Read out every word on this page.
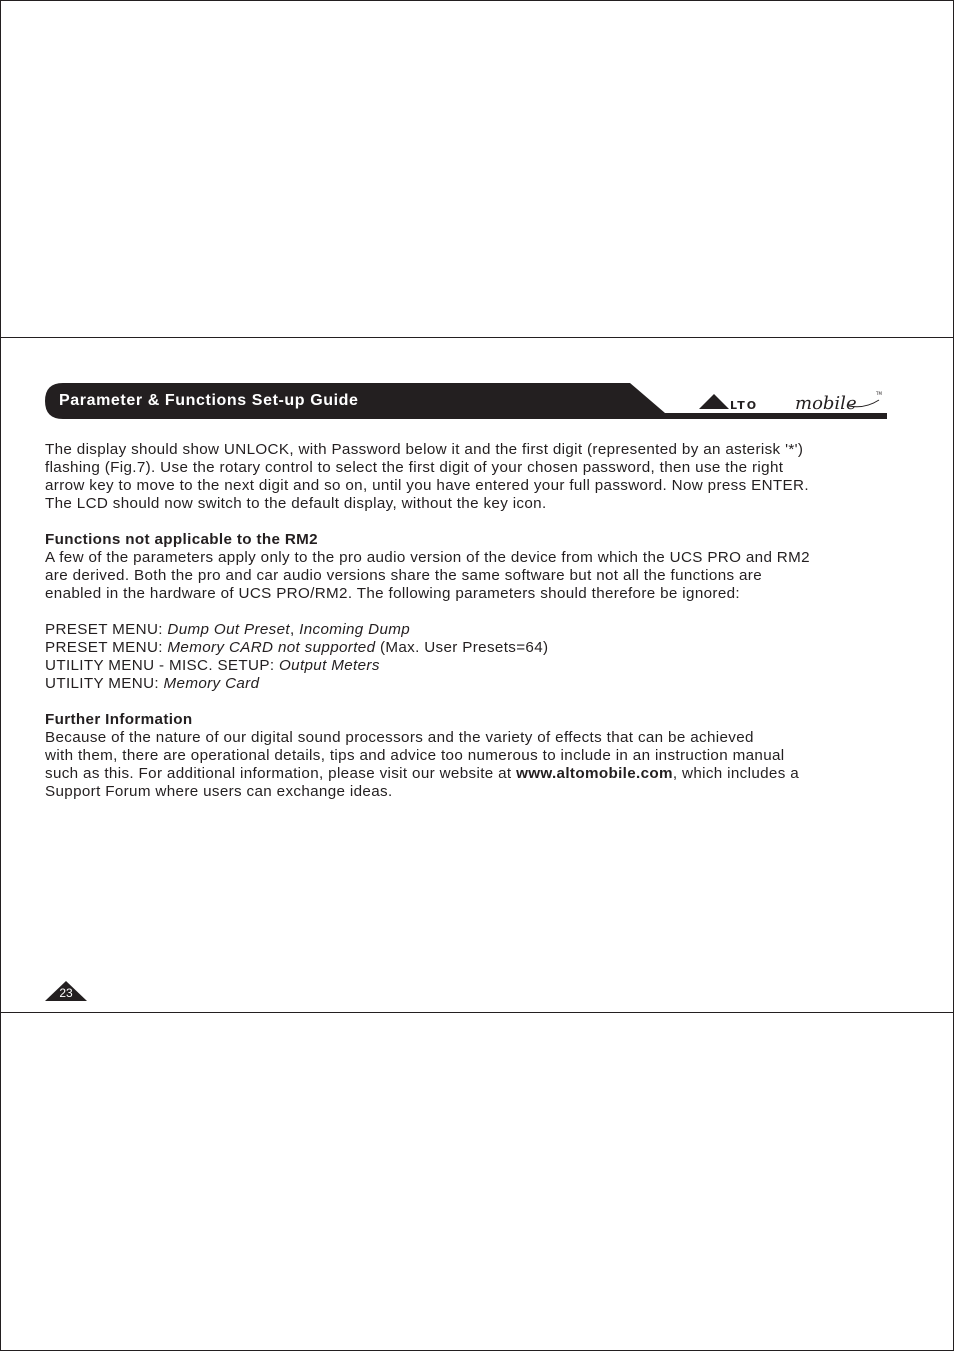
Parameter & Functions Set-up Guide	LTO mobile	TM

The display should show UNLOCK, with Password below it and the first digit (represented by an asterisk '*')

flashing (Fig.7). Use the rotary control to select the first digit of your chosen password, then use the right

arrow key to move to the next digit and so on, until you have entered your full password. Now press ENTER.

The LCD should now switch to the default display, without the key icon.

Functions not applicable to the RM2

A few of the parameters apply only to the pro audio version of the device from which the UCS PRO and RM2

are derived. Both the pro and car audio versions share the same software but not all the functions are

enabled in the hardware of UCS PRO/RM2. The following parameters should therefore be ignored:

PRESET MENU: Dump Out Preset, Incoming Dump

PRESET MENU: Memory CARD not supported (Max. User Presets=64)

UTILITY MENU - MISC. SETUP: Output Meters

UTILITY MENU: Memory Card

Further Information

Because of the nature of our digital sound processors and the variety of effects that can be achieved

with them, there are operational details, tips and advice too numerous to include in an instruction manual

such as this. For additional information, please visit our website at www.altomobile.com, which includes a

Support Forum where users can exchange ideas.

23
